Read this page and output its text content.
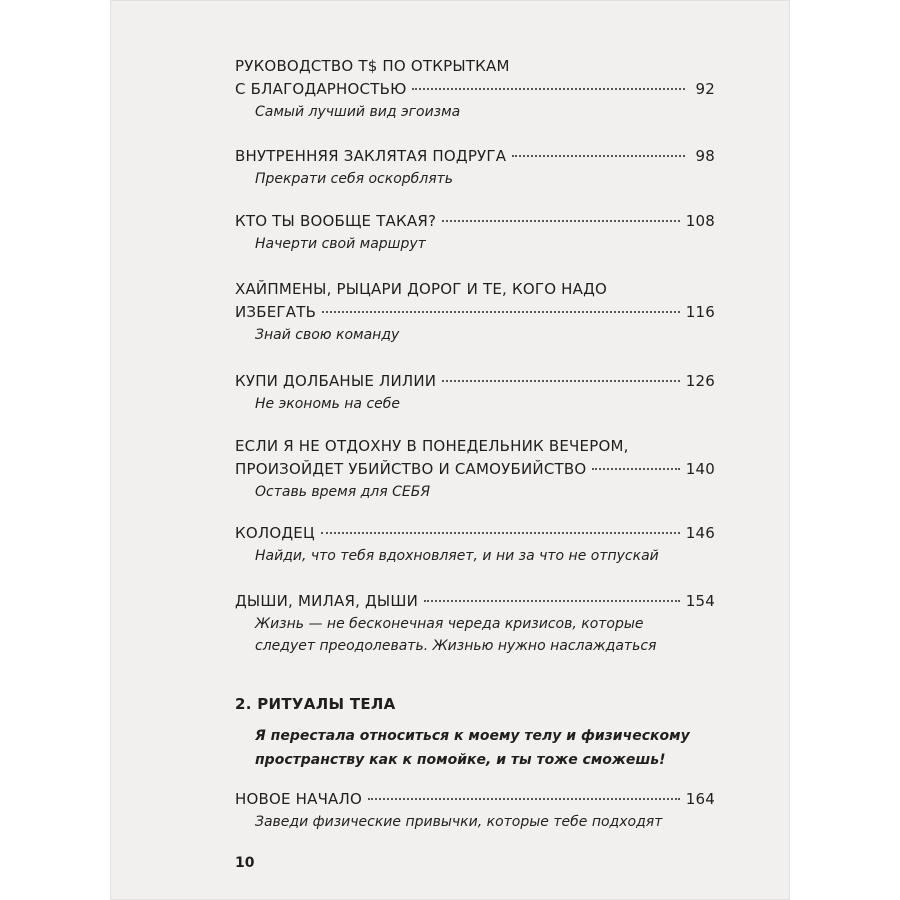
РУКОВОДСТВО T$ ПО ОТКРЫТКАМ
С БЛАГОДАРНОСТЬЮ	92
Самый лучший вид эгоизма
ВНУТРЕННЯЯ ЗАКЛЯТАЯ ПОДРУГА	98
Прекрати себя оскорблять
КТО ТЫ ВООБЩЕ ТАКАЯ?	108
Начерти свой маршрут
ХАЙПМЕНЫ, РЫЦАРИ ДОРОГ И ТЕ, КОГО НАДО
ИЗБЕГАТЬ	116
Знай свою команду
КУПИ ДОЛБАНЫЕ ЛИЛИИ	126
Не экономь на себе
ЕСЛИ Я НЕ ОТДОХНУ В ПОНЕДЕЛЬНИК ВЕЧЕРОМ,
ПРОИЗОЙДЕТ УБИЙСТВО И САМОУБИЙСТВО	140
Оставь время для СЕБЯ
КОЛОДЕЦ	146
Найди, что тебя вдохновляет, и ни за что не отпускай
ДЫШИ, МИЛАЯ, ДЫШИ	154
Жизнь — не бесконечная череда кризисов, которые
следует преодолевать. Жизнью нужно наслаждаться
2. РИТУАЛЫ ТЕЛА
Я перестала относиться к моему телу и физическому
пространству как к помойке, и ты тоже сможешь!
НОВОЕ НАЧАЛО	164
Заведи физические привычки, которые тебе подходят
10
